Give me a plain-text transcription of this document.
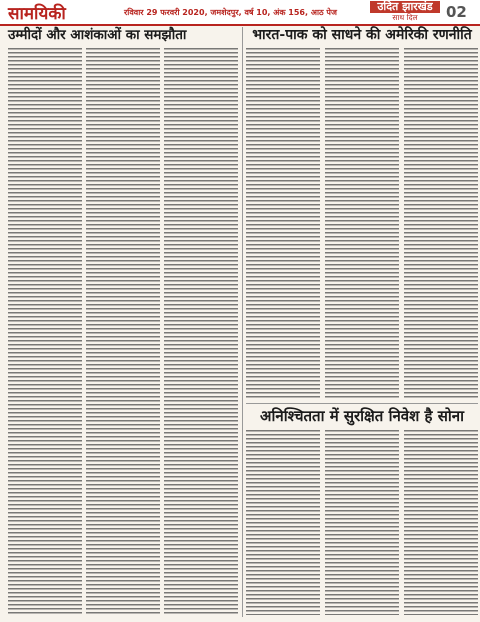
सामयिकी	रविवार 29 फरवरी 2020, जमशेदपुर, वर्ष 10, अंक 156, आठ पेज	उदित झारखंड
साथ दिल	02
उम्मीदों और आशंकाओं का समझौता	भारत-पाक को साधने की अमेरिकी रणनीति
अनिश्चितता में सुरक्षित निवेश है सोना
